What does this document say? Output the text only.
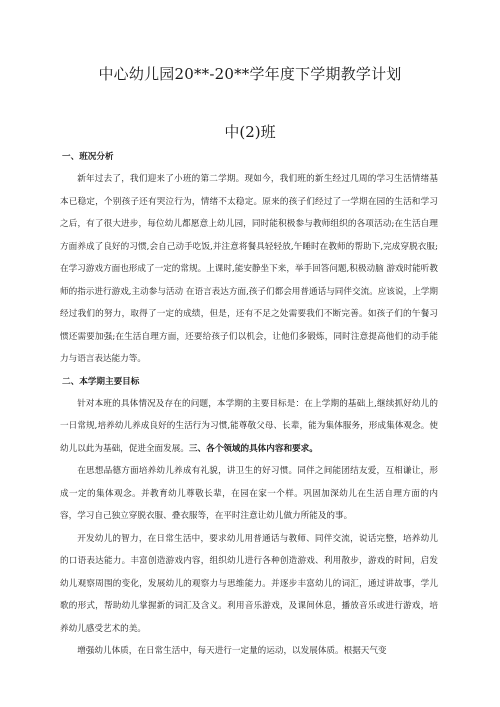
中心幼儿园20**-20**学年度下学期教学计划
中(2)班
一、班况分析

新年过去了，我们迎来了小班的第二学期。现如今，我们班的新生经过几周的学习生活情绪基本已稳定，个别孩子还有哭泣行为，情绪不太稳定。原来的孩子们经过了一学期在园的生活和学习之后，有了很大进步，每位幼儿都愿意上幼儿园，同时能积极参与教师组织的各项活动;在生活自理方面养成了良好的习惯,会自己动手吃饭,并注意将餐具轻轻放,午睡时在教师的帮助下,完成穿脱衣服;在学习游戏方面也形成了一定的常规。上课时,能安静坐下来，举手回答问题,积极动脑 游戏时能听教师的指示进行游戏,主动参与活动 在语言表达方面,孩子们都会用普通话与同伴交流。应该说，上学期经过我们的努力，取得了一定的成绩，但是，还有不足之处需要我们不断完善。如孩子们的午餐习惯还需要加强;在生活自理方面，还要给孩子们以机会，让他们多锻炼，同时注意提高他们的动手能力与语言表达能力等。

二、本学期主要目标

针对本班的具体情况及存在的问题，本学期的主要目标是：在上学期的基础上,继续抓好幼儿的一日常规,培养幼儿养成良好的生活行为习惯,能尊敬父母、长辈，能为集体服务，形成集体观念。使幼儿以此为基础，促进全面发展。三、各个领域的具体内容和要求。

在思想品德方面培养幼儿养成有礼貌，讲卫生的好习惯。同伴之间能团结友爱，互相谦让，形成一定的集体观念。并教育幼儿尊敬长辈，在园在家一个样。巩固加深幼儿在生活自理方面的内容，学习自己独立穿脱衣服、叠衣服等，在平时注意让幼儿做力所能及的事。

开发幼儿的智力，在日常生活中，要求幼儿用普通话与教师、同伴交流，说话完整，培养幼儿的口语表达能力。丰富创造游戏内容，组织幼儿进行各种创造游戏、利用散步，游戏的时间，启发幼儿观察周围的变化，发展幼儿的观察力与思维能力。并逐步丰富幼儿的词汇，通过讲故事，学儿歌的形式，帮助幼儿掌握新的词汇及含义。利用音乐游戏，及课间休息，播放音乐或进行游戏，培养幼儿感受艺术的美。

增强幼儿体质，在日常生活中，每天进行一定量的运动，以发展体质。根据天气变
